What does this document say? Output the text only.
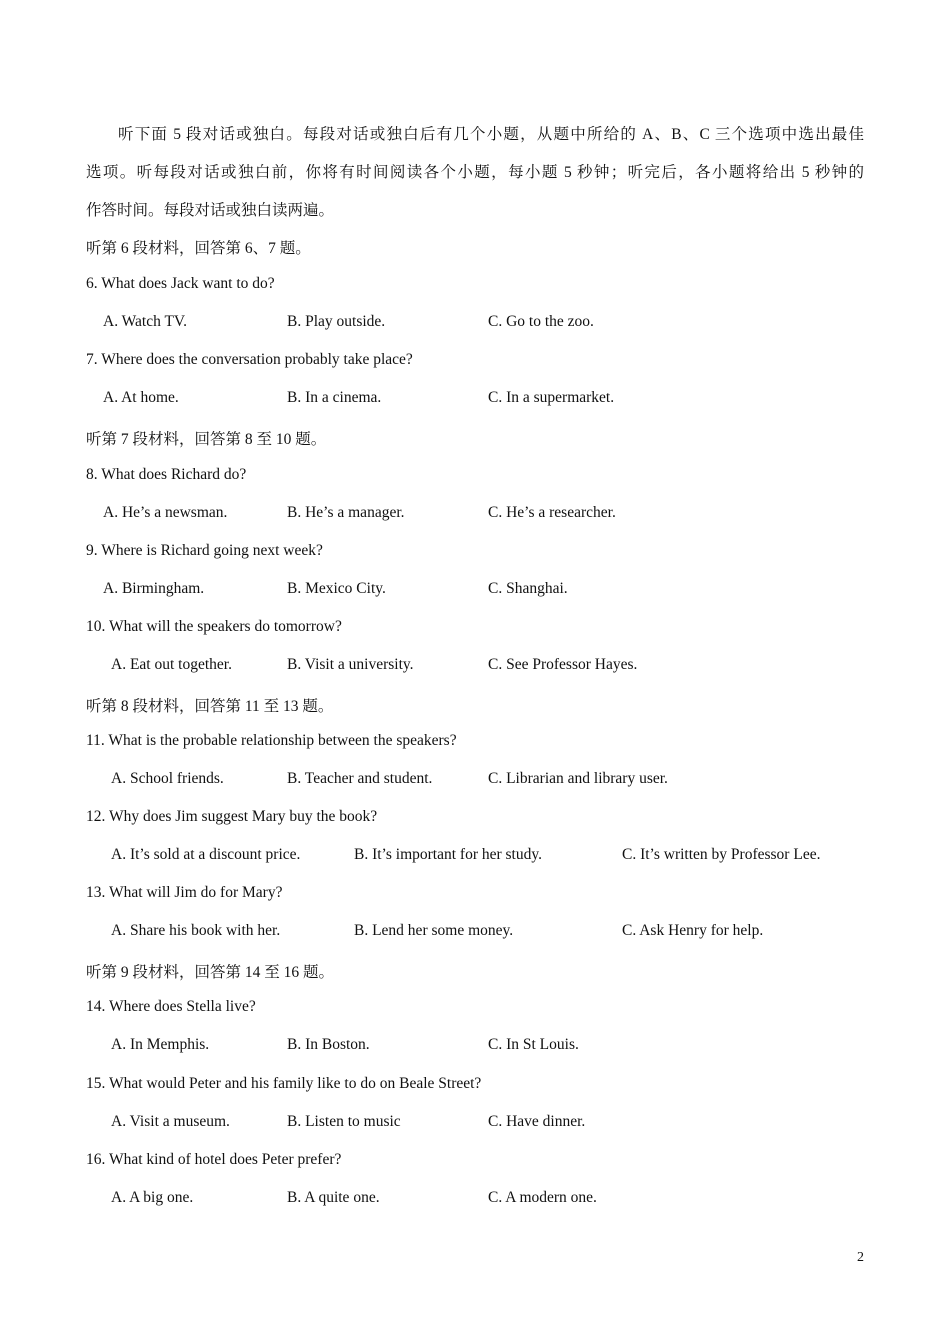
听下面 5 段对话或独白。每段对话或独白后有几个小题，从题中所给的 A、B、C 三个选项中选出最佳
选项。听每段对话或独白前，你将有时间阅读各个小题，每小题 5 秒钟；听完后，各小题将给出 5 秒钟的
作答时间。每段对话或独白读两遍。
听第 6 段材料，回答第 6、7 题。
6. What does Jack want to do?
A. Watch TV.	B. Play outside.	C. Go to the zoo.
7. Where does the conversation probably take place?
A. At home.	B. In a cinema.	C. In a supermarket.
听第 7 段材料，回答第 8 至 10 题。
8. What does Richard do?
A. He’s a newsman.	B. He’s a manager.	C. He’s a researcher.
9. Where is Richard going next week?
A. Birmingham.	B. Mexico City.	C. Shanghai.
10. What will the speakers do tomorrow?
A. Eat out together.	B. Visit a university.	C. See Professor Hayes.
听第 8 段材料，回答第 11 至 13 题。
11. What is the probable relationship between the speakers?
A. School friends.	B. Teacher and student.	C. Librarian and library user.
12. Why does Jim suggest Mary buy the book?
A. It’s sold at a discount price.	B. It’s important for her study.	C. It’s written by Professor Lee.
13. What will Jim do for Mary?
A. Share his book with her.	B. Lend her some money.	C. Ask Henry for help.
听第 9 段材料，回答第 14 至 16 题。
14. Where does Stella live?
A. In Memphis.	B. In Boston.	C. In St Louis.
15. What would Peter and his family like to do on Beale Street?
A. Visit a museum.	B. Listen to music	C. Have dinner.
16. What kind of hotel does Peter prefer?
A. A big one.	B. A quite one.	C. A modern one.
2
